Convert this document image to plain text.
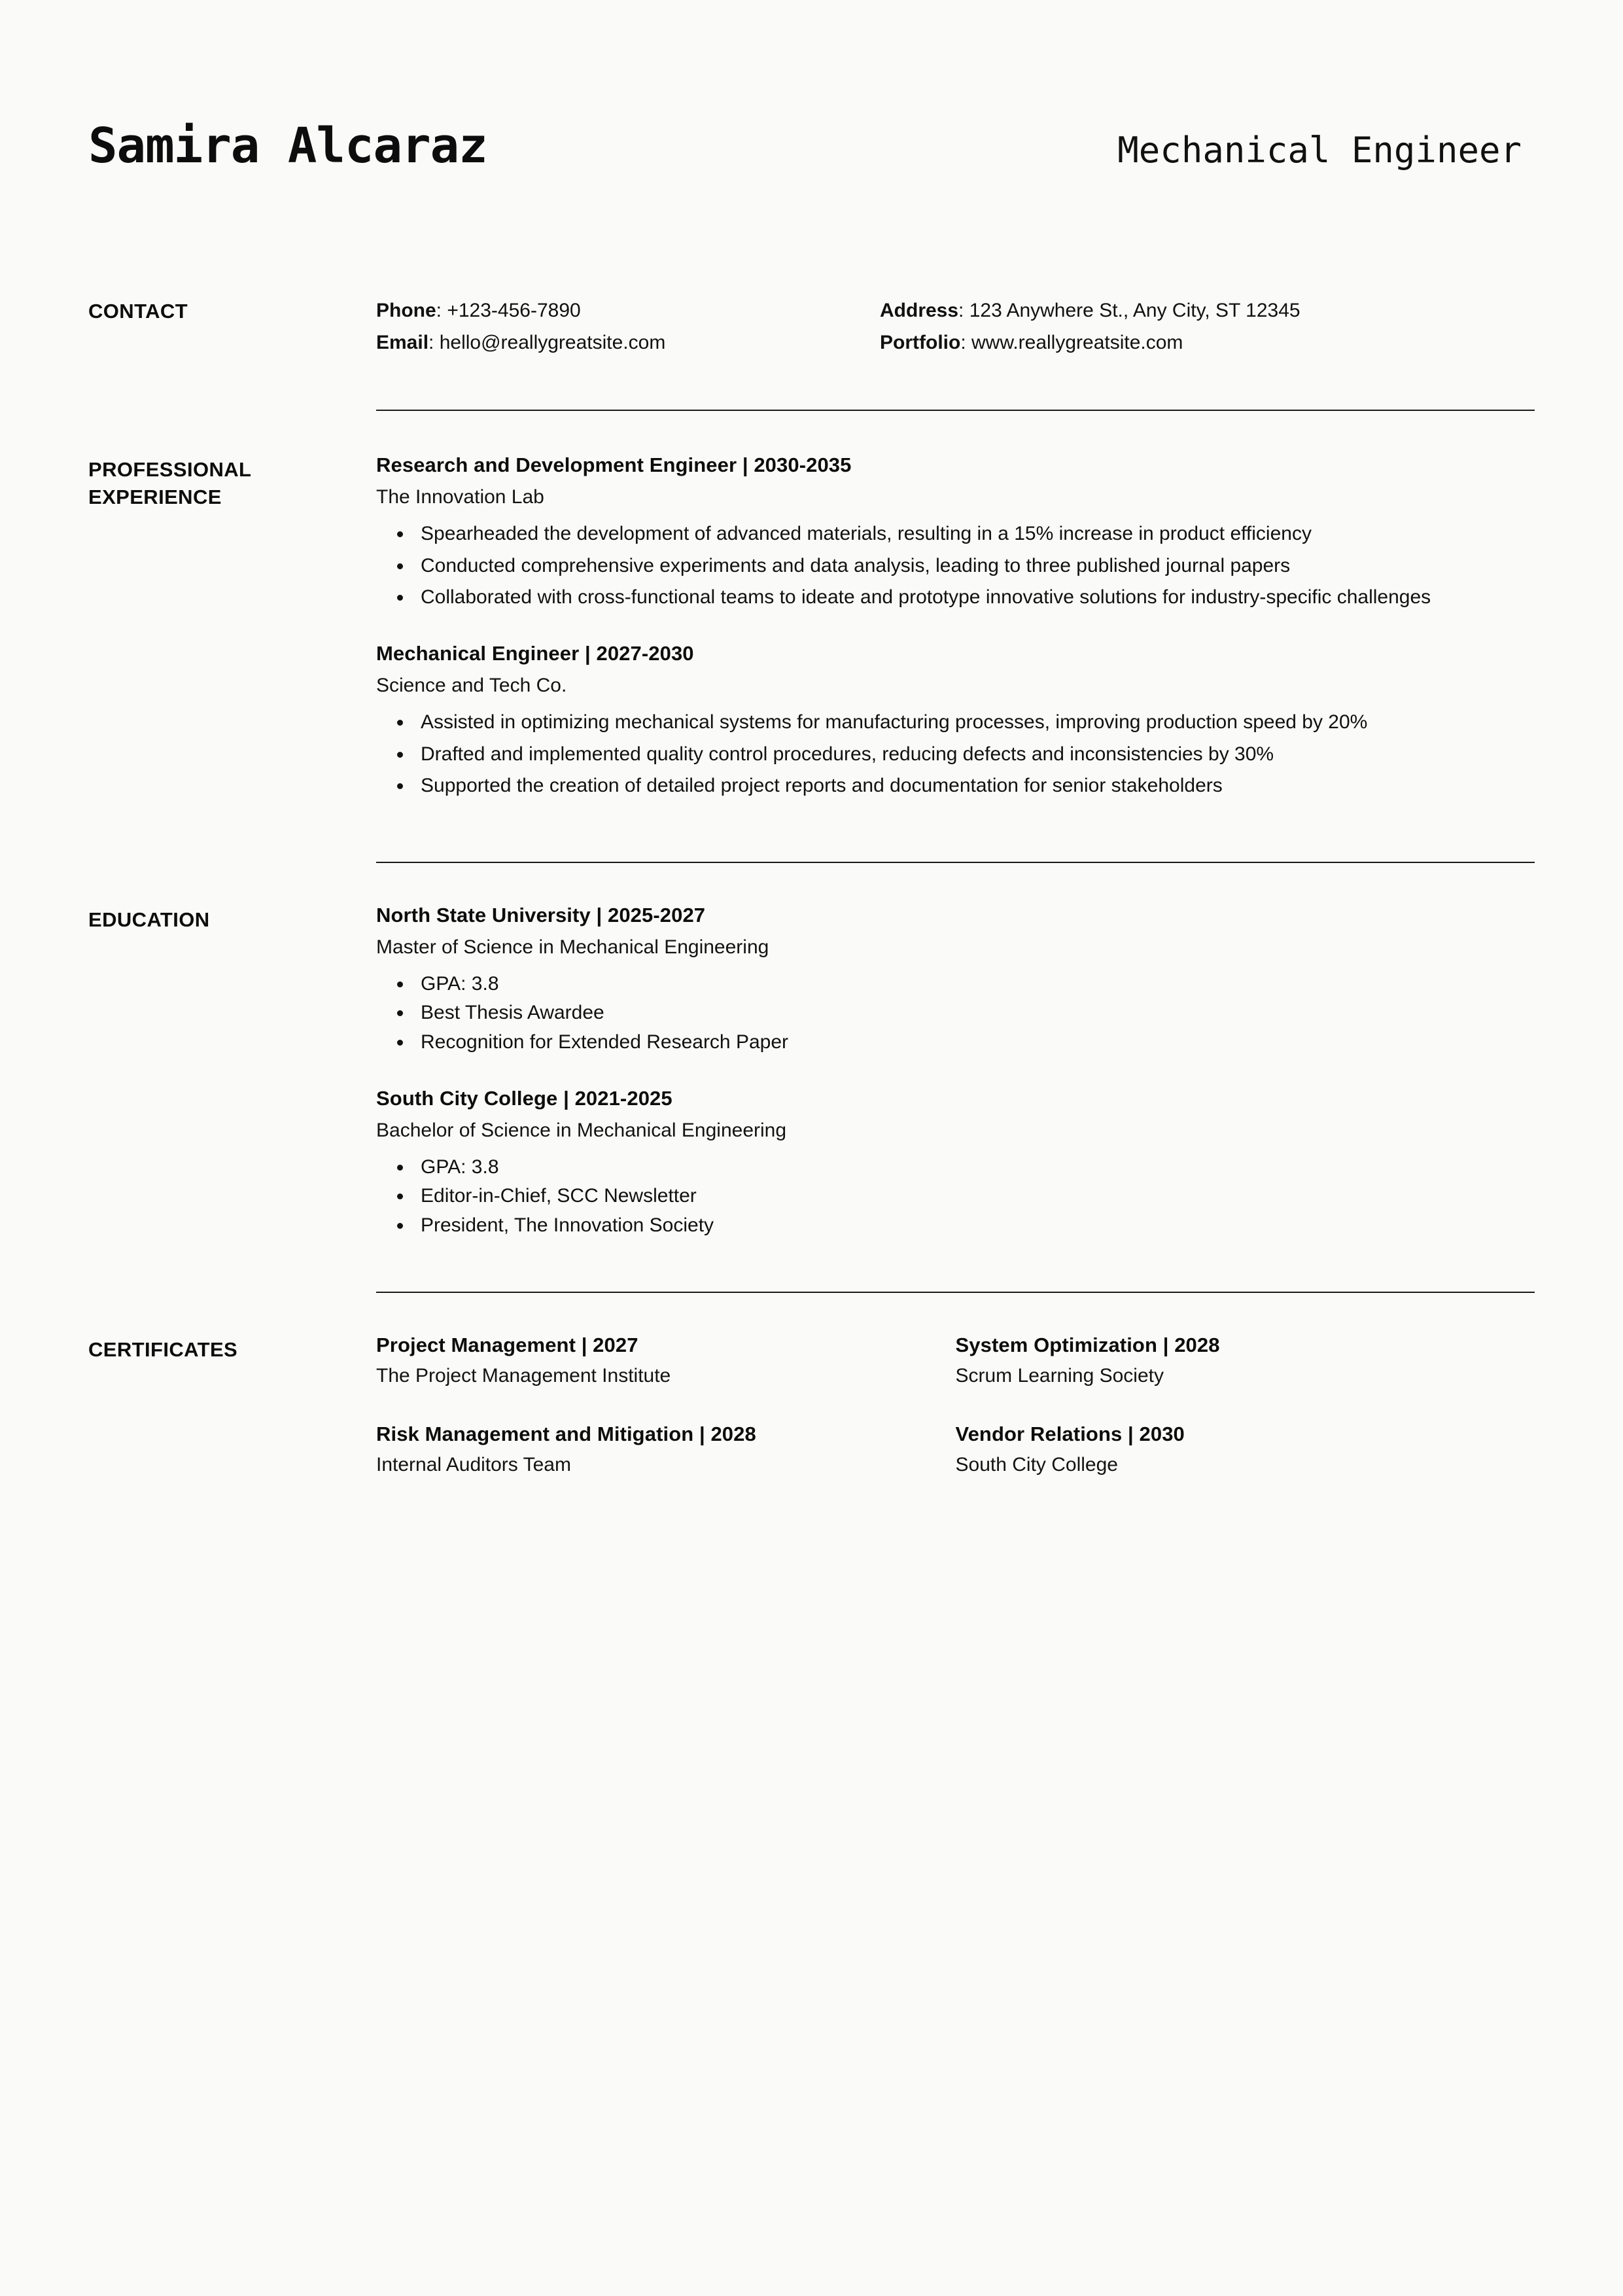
Samira Alcaraz	Mechanical Engineer
CONTACT	Phone: +123-456-7890
Email: hello@reallygreatsite.com
Address: 123 Anywhere St., Any City, ST 12345
Portfolio: www.reallygreatsite.com
PROFESSIONAL
EXPERIENCE
Research and Development Engineer | 2030-2035
The Innovation Lab
• Spearheaded the development of advanced materials, resulting in a 15% increase in product efficiency
• Conducted comprehensive experiments and data analysis, leading to three published journal papers
• Collaborated with cross-functional teams to ideate and prototype innovative solutions for industry-specific challenges
Mechanical Engineer | 2027-2030
Science and Tech Co.
• Assisted in optimizing mechanical systems for manufacturing processes, improving production speed by 20%
• Drafted and implemented quality control procedures, reducing defects and inconsistencies by 30%
• Supported the creation of detailed project reports and documentation for senior stakeholders
EDUCATION	North State University | 2025-2027
Master of Science in Mechanical Engineering
• GPA: 3.8
• Best Thesis Awardee
• Recognition for Extended Research Paper
South City College | 2021-2025
Bachelor of Science in Mechanical Engineering
• GPA: 3.8
• Editor-in-Chief, SCC Newsletter
• President, The Innovation Society
CERTIFICATES	Project Management | 2027
The Project Management Institute
System Optimization | 2028
Scrum Learning Society
Risk Management and Mitigation | 2028
Internal Auditors Team
Vendor Relations | 2030
South City College
